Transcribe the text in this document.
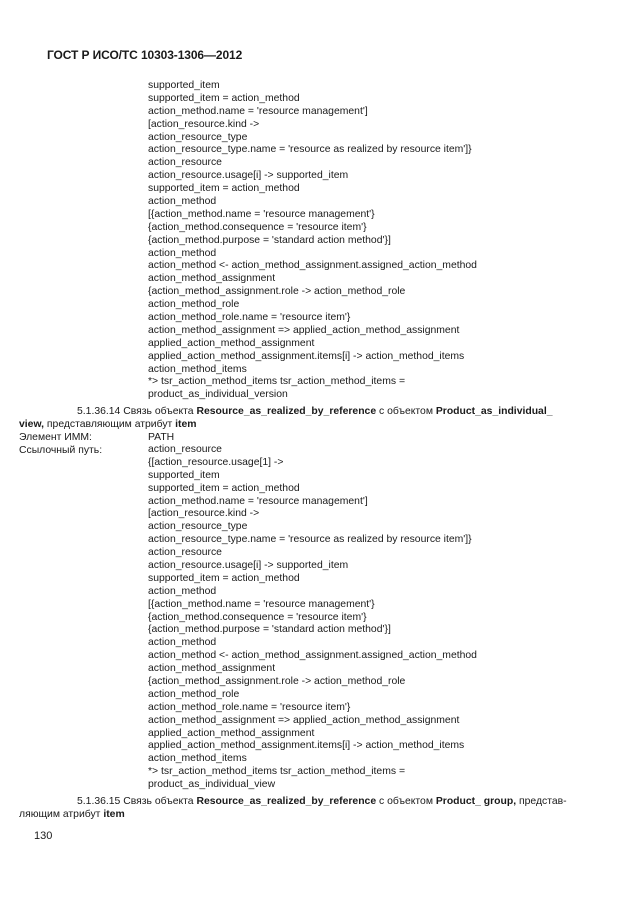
ГОСТ Р ИСО/ТС 10303-1306—2012
supported_item
supported_item = action_method
action_method.name = 'resource management']
[action_resource.kind ->
action_resource_type
action_resource_type.name = 'resource as realized by resource item']}
action_resource
action_resource.usage[i] -> supported_item
supported_item = action_method
action_method
[{action_method.name = 'resource management'}
{action_method.consequence = 'resource item'}
{action_method.purpose = 'standard action method'}]
action_method
action_method <- action_method_assignment.assigned_action_method
action_method_assignment
{action_method_assignment.role -> action_method_role
action_method_role
action_method_role.name = 'resource item'}
action_method_assignment => applied_action_method_assignment
applied_action_method_assignment
applied_action_method_assignment.items[i] -> action_method_items
action_method_items
*> tsr_action_method_items tsr_action_method_items =
product_as_individual_version
5.1.36.14 Связь объекта Resource_as_realized_by_reference с объектом Product_as_individual_
view, представляющим атрибут item
Элемент ИММ:	PATH
Ссылочный путь:	action_resource
{[action_resource.usage[1] ->
supported_item
supported_item = action_method
action_method.name = 'resource management']
[action_resource.kind ->
action_resource_type
action_resource_type.name = 'resource as realized by resource item']}
action_resource
action_resource.usage[i] -> supported_item
supported_item = action_method
action_method
[{action_method.name = 'resource management'}
{action_method.consequence = 'resource item'}
{action_method.purpose = 'standard action method'}]
action_method
action_method <- action_method_assignment.assigned_action_method
action_method_assignment
{action_method_assignment.role -> action_method_role
action_method_role
action_method_role.name = 'resource item'}
action_method_assignment => applied_action_method_assignment
applied_action_method_assignment
applied_action_method_assignment.items[i] -> action_method_items
action_method_items
*> tsr_action_method_items tsr_action_method_items =
product_as_individual_view
5.1.36.15 Связь объекта Resource_as_realized_by_reference с объектом Product_ group, представ-
ляющим атрибут item
130
